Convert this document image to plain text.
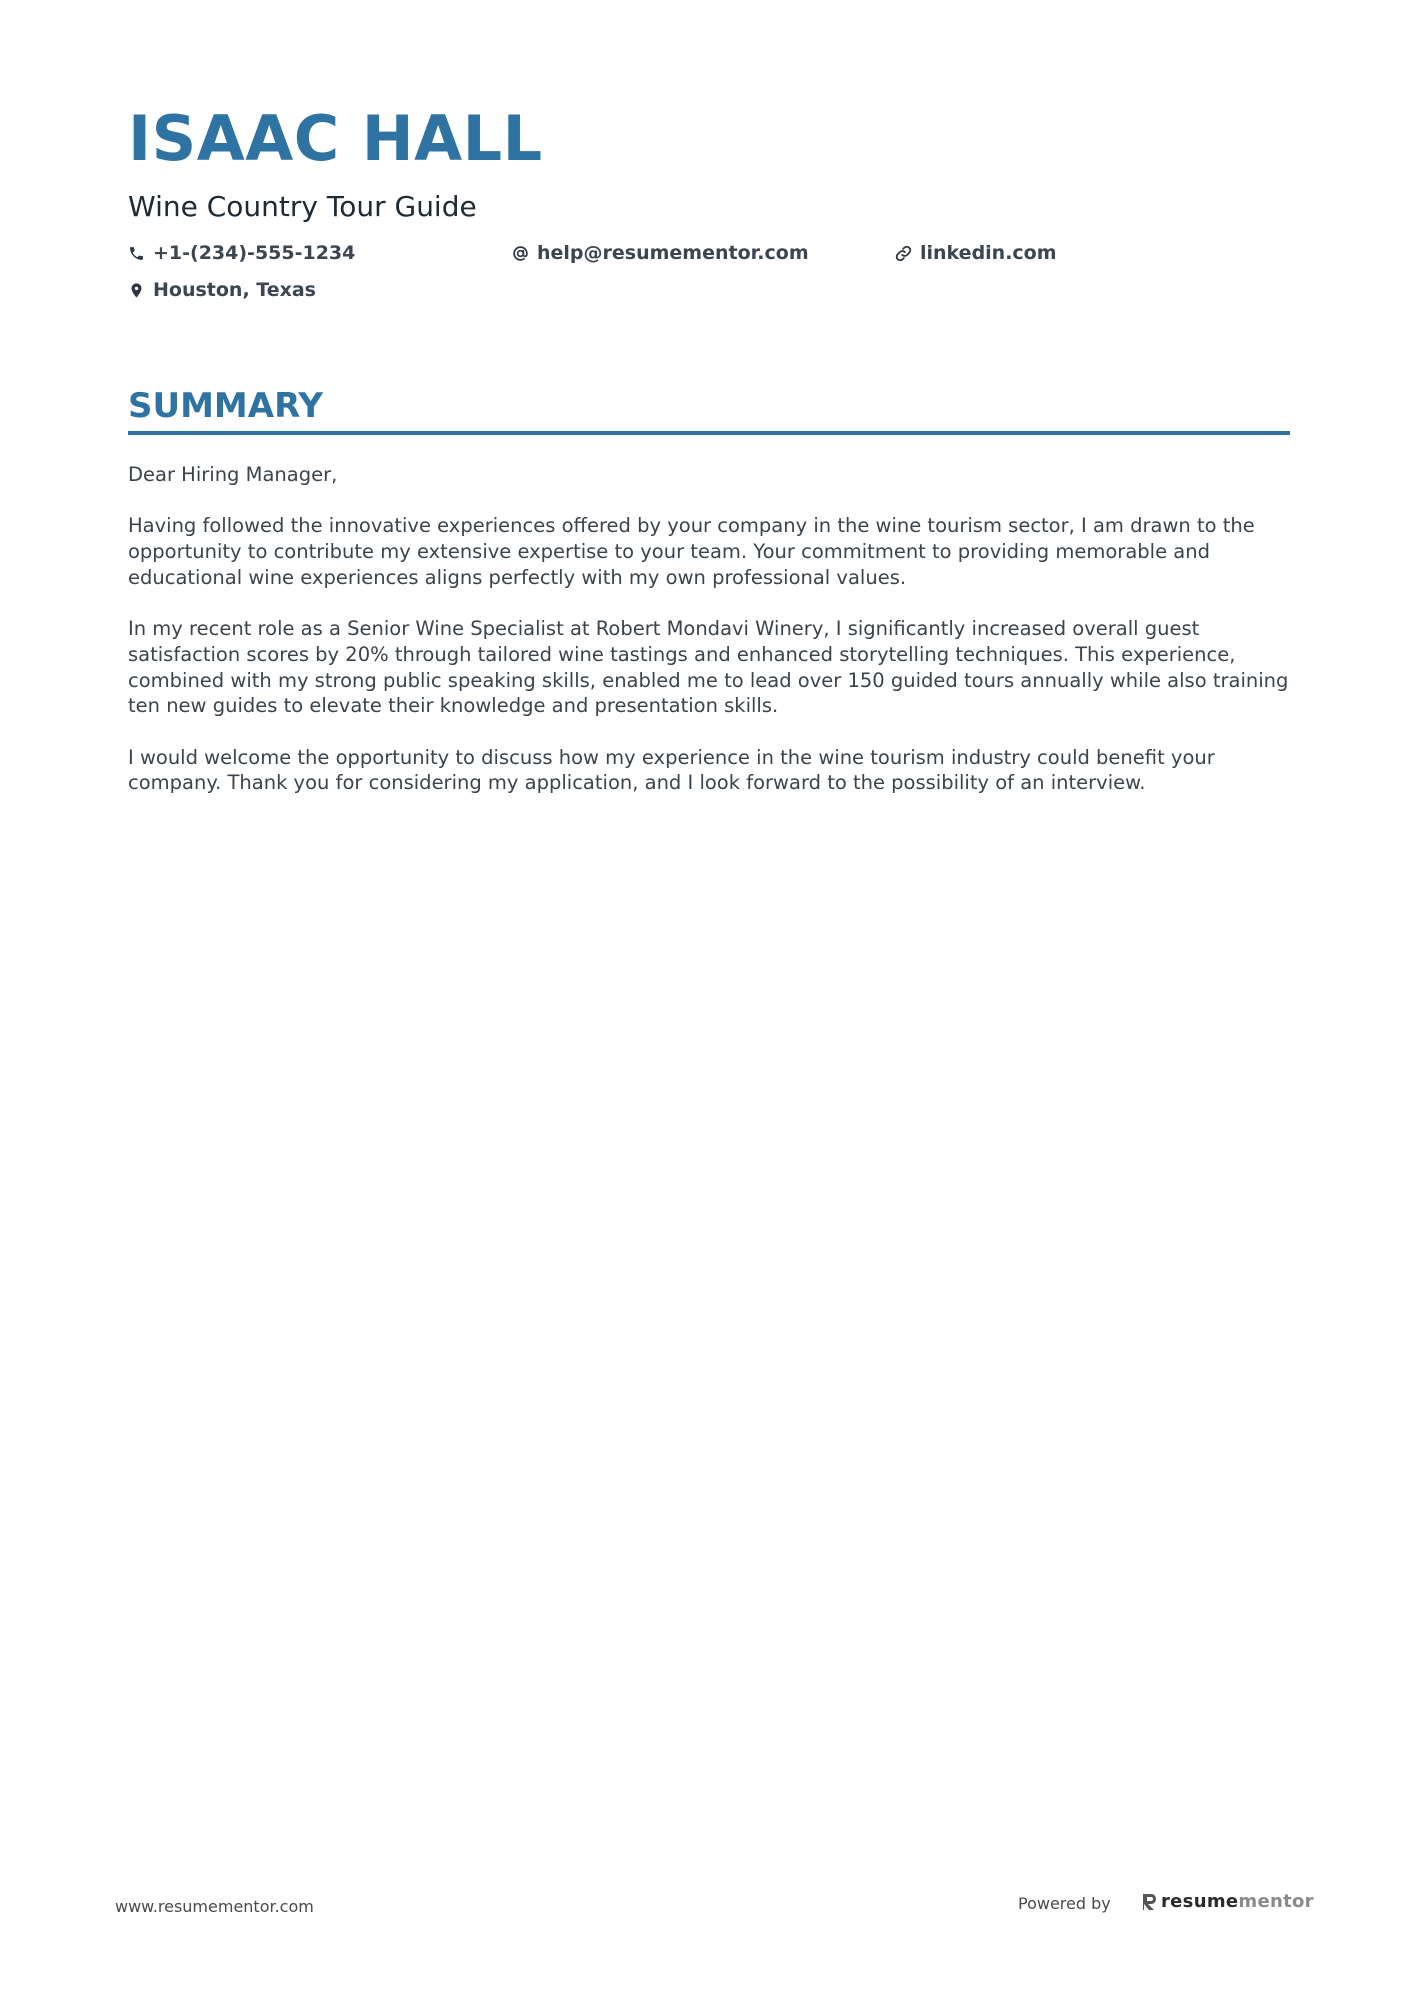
ISAAC HALL
Wine Country Tour Guide
+1-(234)-555-1234	help@resumementor.com	linkedin.com
Houston, Texas
SUMMARY

Dear Hiring Manager,

Having followed the innovative experiences offered by your company in the wine tourism sector, I am drawn to the opportunity to contribute my extensive expertise to your team. Your commitment to providing memorable and educational wine experiences aligns perfectly with my own professional values.

In my recent role as a Senior Wine Specialist at Robert Mondavi Winery, I significantly increased overall guest satisfaction scores by 20% through tailored wine tastings and enhanced storytelling techniques. This experience, combined with my strong public speaking skills, enabled me to lead over 150 guided tours annually while also training ten new guides to elevate their knowledge and presentation skills.

I would welcome the opportunity to discuss how my experience in the wine tourism industry could benefit your company. Thank you for considering my application, and I look forward to the possibility of an interview.

www.resumementor.com	Powered by	resume mentor
